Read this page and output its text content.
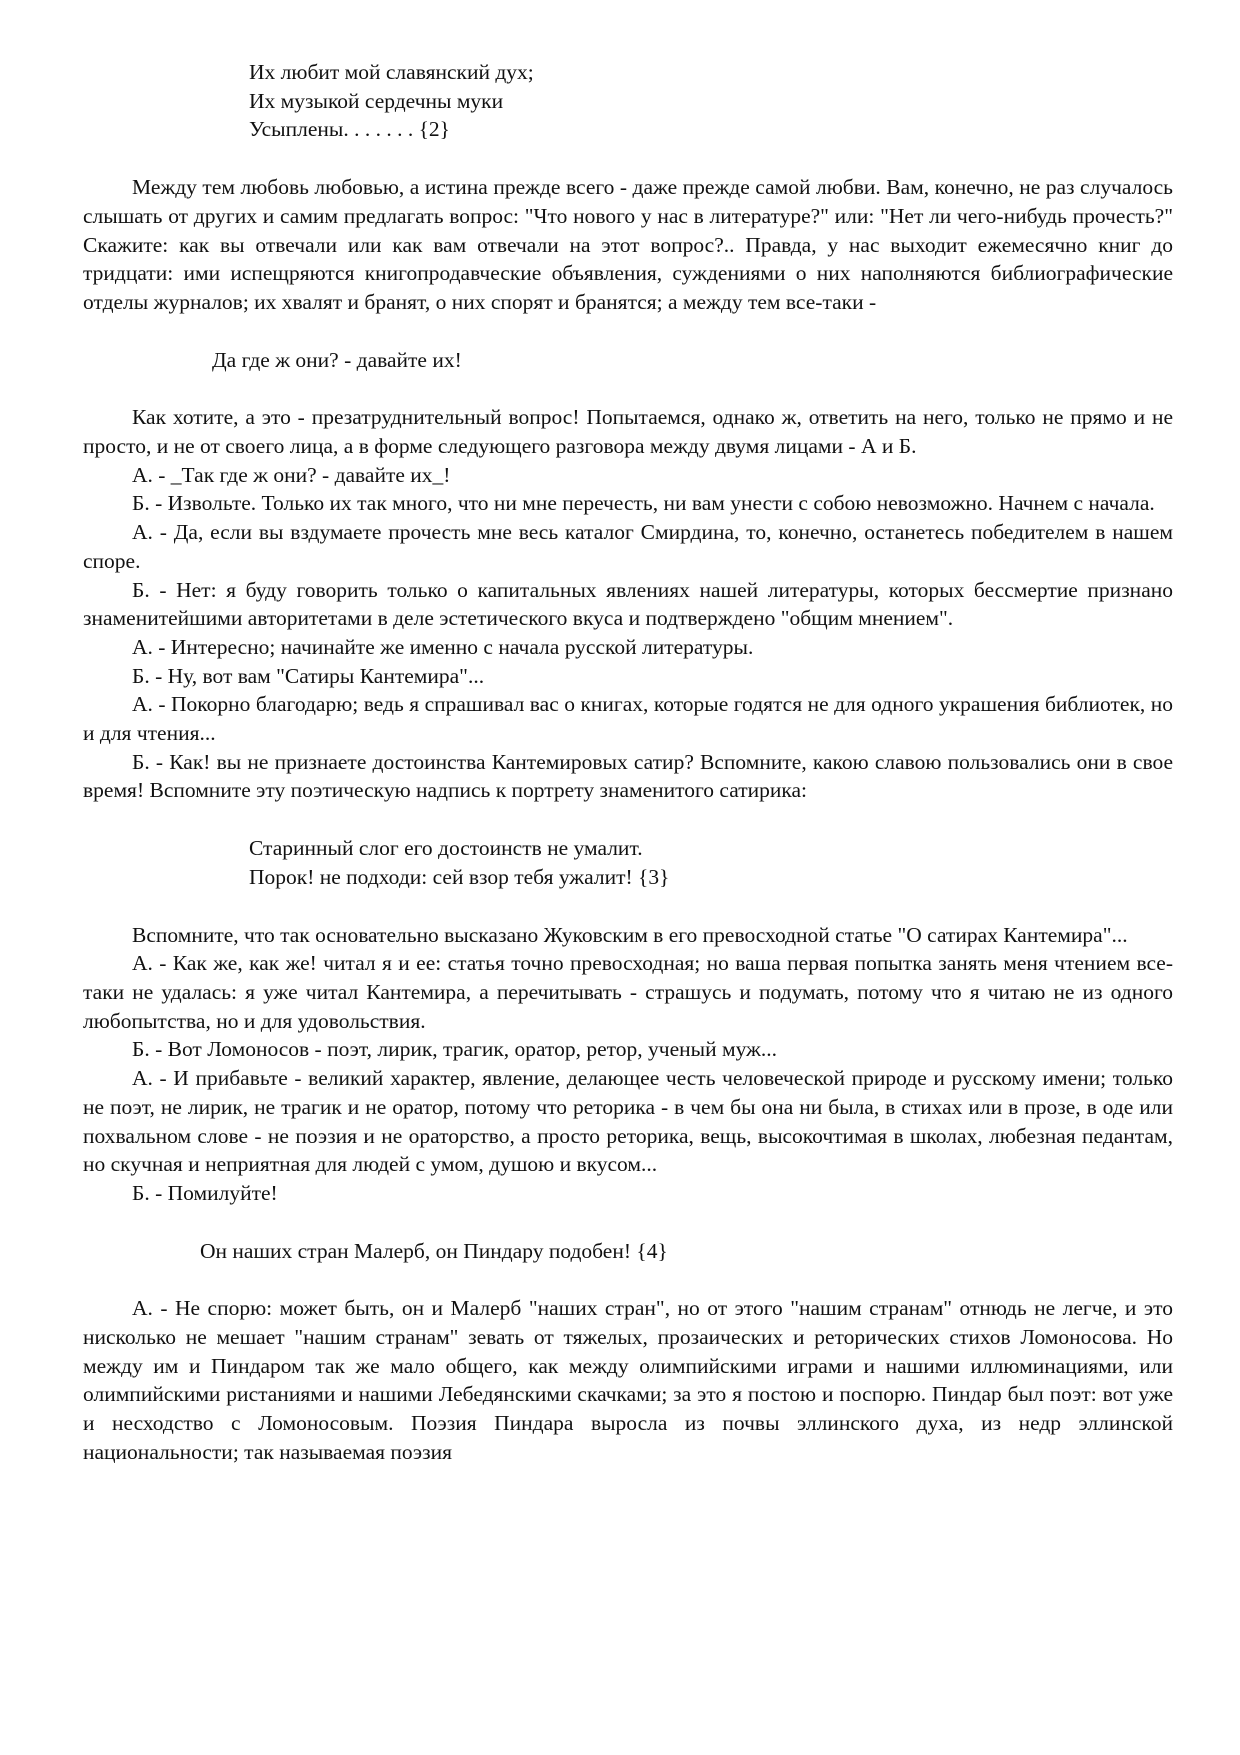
Их любит мой славянский дух;
Их музыкой сердечны муки
Усыплены. . . . . . . {2}

Между тем любовь любовью, а истина прежде всего - даже прежде самой любви. Вам, конечно, не раз случалось слышать от других и самим предлагать вопрос: "Что нового у нас в литературе?" или: "Нет ли чего-нибудь прочесть?" Скажите: как вы отвечали или как вам отвечали на этот вопрос?.. Правда, у нас выходит ежемесячно книг до тридцати: ими испещряются книгопродавческие объявления, суждениями о них наполняются библиографические отделы журналов; их хвалят и бранят, о них спорят и бранятся; а между тем все-таки -

Да где ж они? - давайте их!

Как хотите, а это - презатруднительный вопрос! Попытаемся, однако ж, ответить на него, только не прямо и не просто, и не от своего лица, а в форме следующего разговора между двумя лицами - А и Б.

А. - _Так где ж они? - давайте их_!

Б. - Извольте. Только их так много, что ни мне перечесть, ни вам унести с собою невозможно. Начнем с начала.

А. - Да, если вы вздумаете прочесть мне весь каталог Смирдина, то, конечно, останетесь победителем в нашем споре.

Б. - Нет: я буду говорить только о капитальных явлениях нашей литературы, которых бессмертие признано знаменитейшими авторитетами в деле эстетического вкуса и подтверждено "общим мнением".

А. - Интересно; начинайте же именно с начала русской литературы.

Б. - Ну, вот вам "Сатиры Кантемира"...

А. - Покорно благодарю; ведь я спрашивал вас о книгах, которые годятся не для одного украшения библиотек, но и для чтения...

Б. - Как! вы не признаете достоинства Кантемировых сатир? Вспомните, какою славою пользовались они в свое время! Вспомните эту поэтическую надпись к портрету знаменитого сатирика:

Старинный слог его достоинств не умалит.
Порок! не подходи: сей взор тебя ужалит! {3}

Вспомните, что так основательно высказано Жуковским в его превосходной статье "О сатирах Кантемира"...

А. - Как же, как же! читал я и ее: статья точно превосходная; но ваша первая попытка занять меня чтением все-таки не удалась: я уже читал Кантемира, а перечитывать - страшусь и подумать, потому что я читаю не из одного любопытства, но и для удовольствия.

Б. - Вот Ломоносов - поэт, лирик, трагик, оратор, ретор, ученый муж...

А. - И прибавьте - великий характер, явление, делающее честь человеческой природе и русскому имени; только не поэт, не лирик, не трагик и не оратор, потому что реторика - в чем бы она ни была, в стихах или в прозе, в оде или похвальном слове - не поэзия и не ораторство, а просто реторика, вещь, высокочтимая в школах, любезная педантам, но скучная и неприятная для людей с умом, душою и вкусом...

Б. - Помилуйте!

Он наших стран Малерб, он Пиндару подобен! {4}

А. - Не спорю: может быть, он и Малерб "наших стран", но от этого "нашим странам" отнюдь не легче, и это нисколько не мешает "нашим странам" зевать от тяжелых, прозаических и реторических стихов Ломоносова. Но между им и Пиндаром так же мало общего, как между олимпийскими играми и нашими иллюминациями, или олимпийскими ристаниями и нашими Лебедянскими скачками; за это я постою и поспорю. Пиндар был поэт: вот уже и несходство с Ломоносовым. Поэзия Пиндара выросла из почвы эллинского духа, из недр эллинской национальности; так называемая поэзия
